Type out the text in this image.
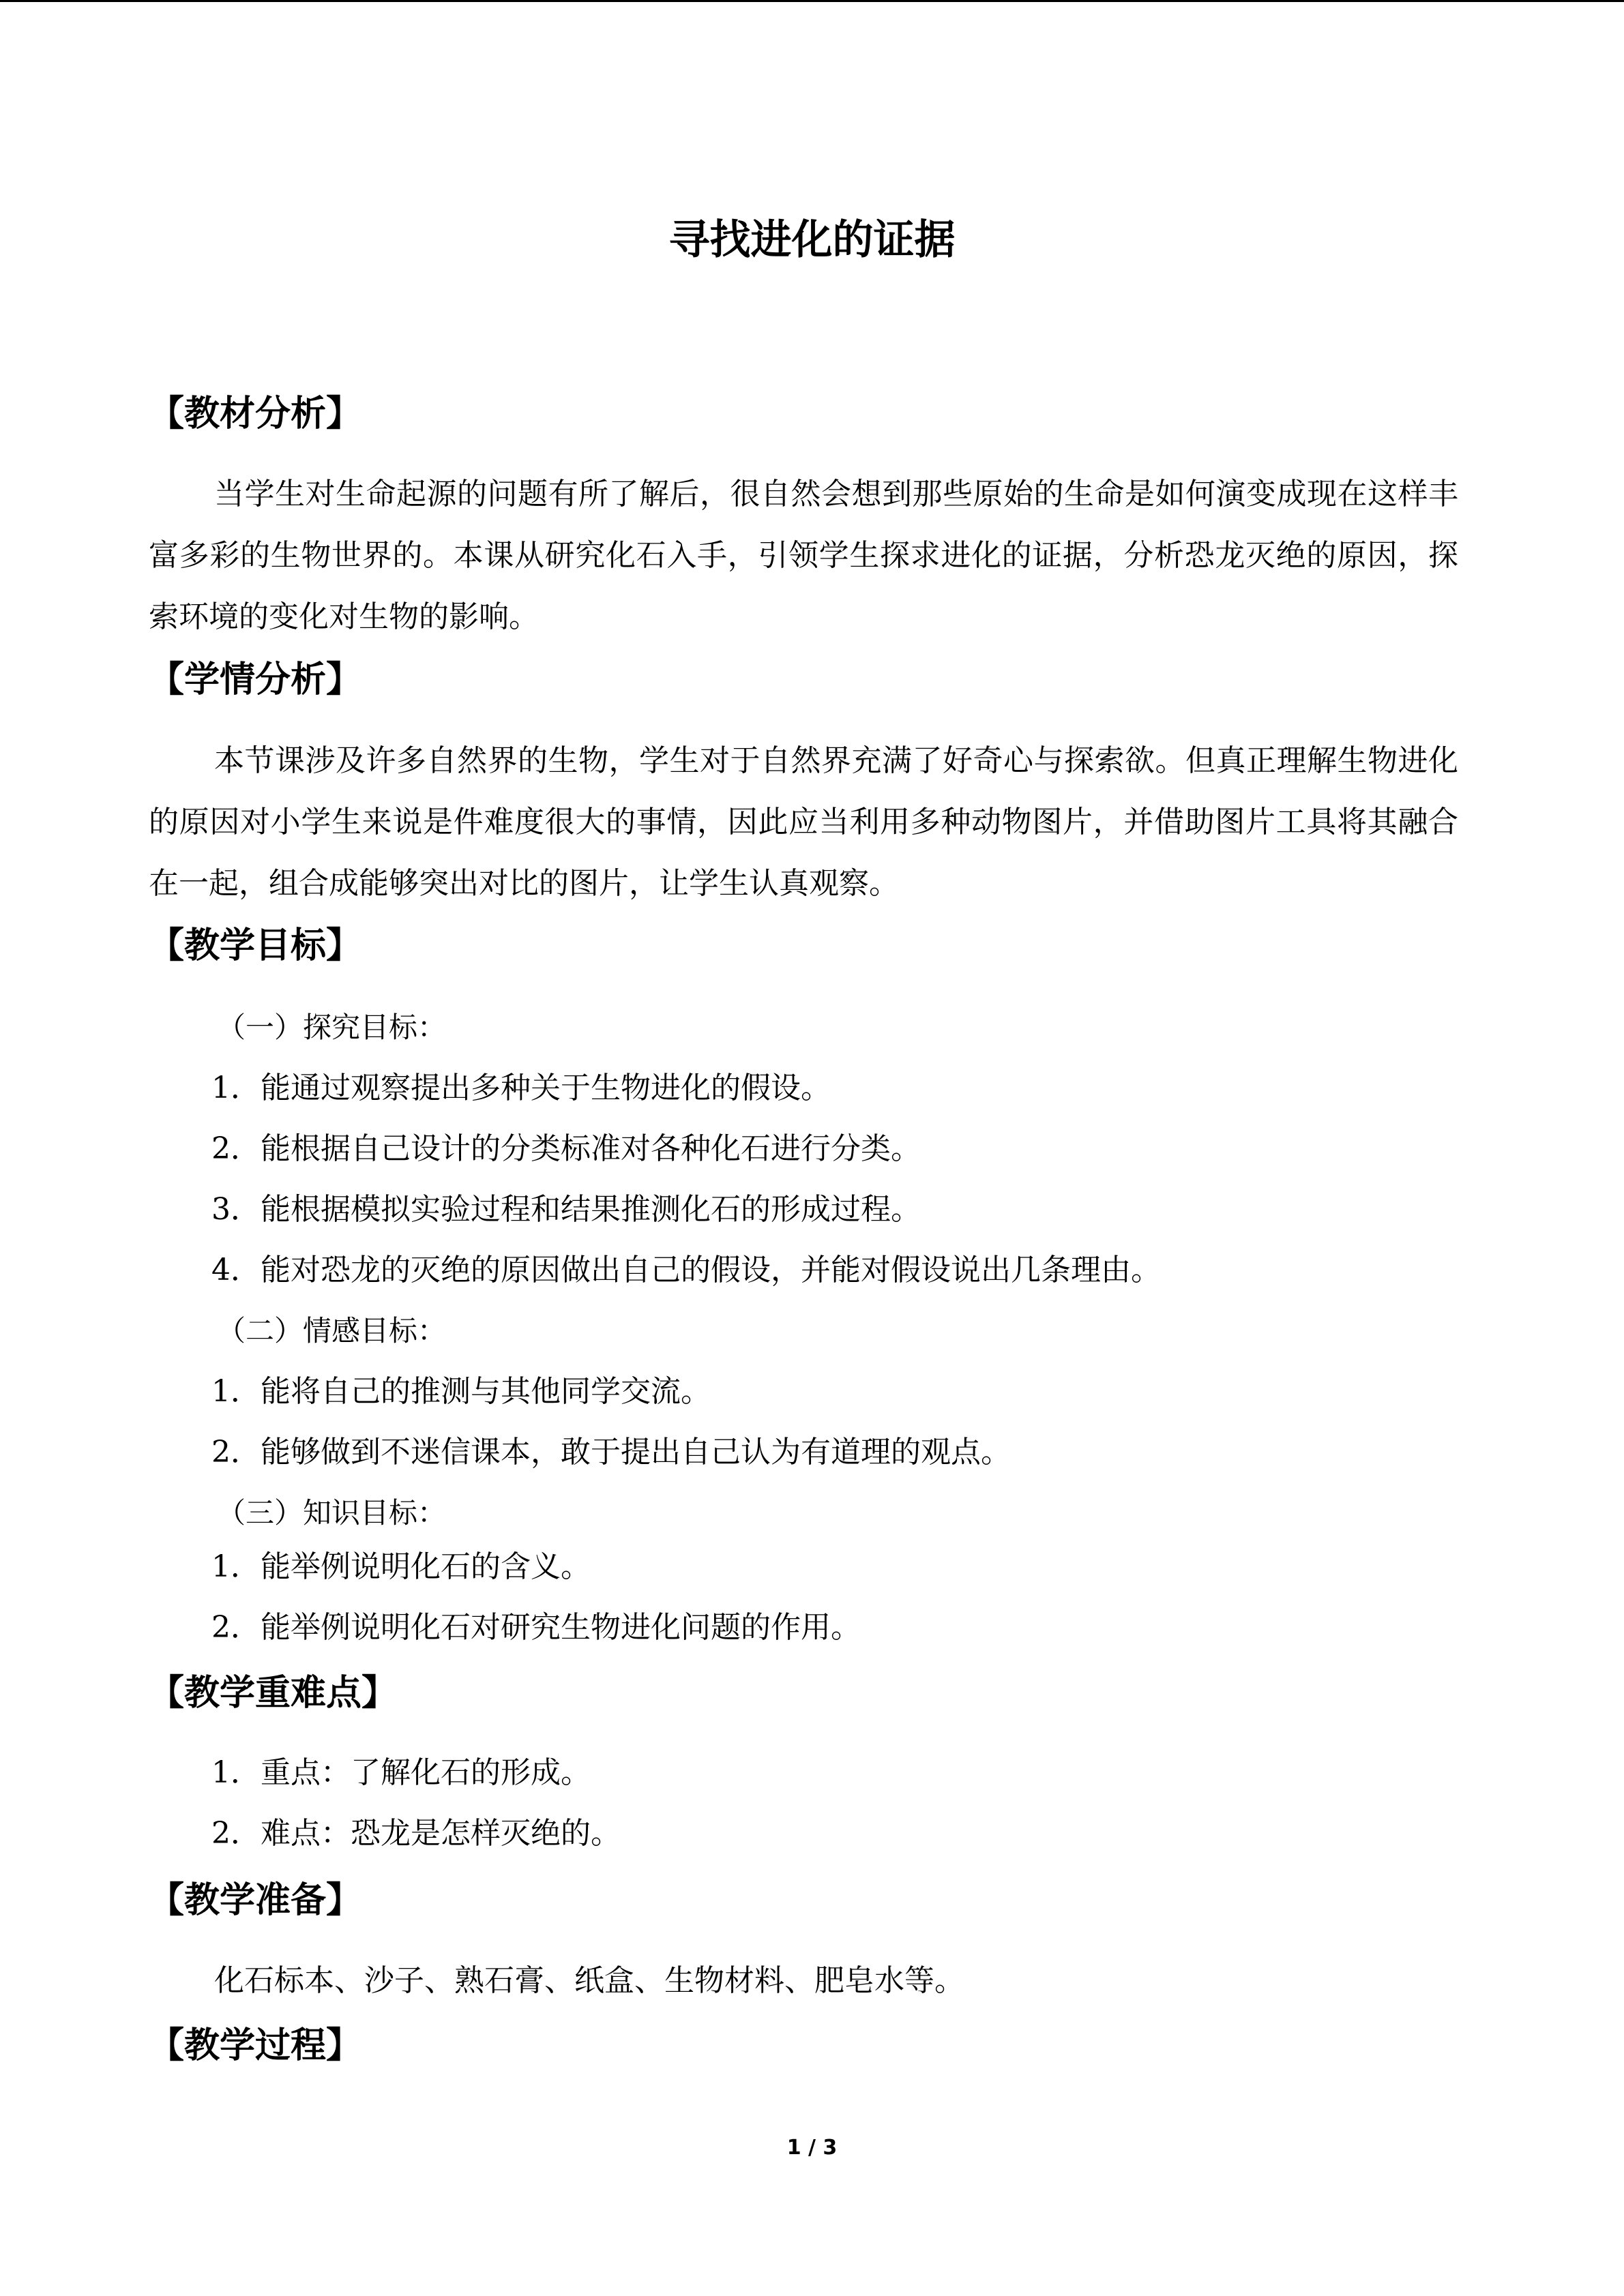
寻找进化的证据
【教材分析】

当学生对生命起源的问题有所了解后，很自然会想到那些原始的生命是如何演变成现在这样丰富多彩的生物世界的。本课从研究化石入手，引领学生探求进化的证据，分析恐龙灭绝的原因，探索环境的变化对生物的影响。

【学情分析】

本节课涉及许多自然界的生物，学生对于自然界充满了好奇心与探索欲。但真正理解生物进化的原因对小学生来说是件难度很大的事情，因此应当利用多种动物图片，并借助图片工具将其融合在一起，组合成能够突出对比的图片，让学生认真观察。

【教学目标】

（一）探究目标：

1．能通过观察提出多种关于生物进化的假设。

2．能根据自己设计的分类标准对各种化石进行分类。

3．能根据模拟实验过程和结果推测化石的形成过程。

4．能对恐龙的灭绝的原因做出自己的假设，并能对假设说出几条理由。

（二）情感目标：

1．能将自己的推测与其他同学交流。

2．能够做到不迷信课本，敢于提出自己认为有道理的观点。

（三）知识目标：

1．能举例说明化石的含义。

2．能举例说明化石对研究生物进化问题的作用。

【教学重难点】

1．重点：了解化石的形成。

2．难点：恐龙是怎样灭绝的。

【教学准备】

化石标本、沙子、熟石膏、纸盒、生物材料、肥皂水等。

【教学过程】
1 / 3
